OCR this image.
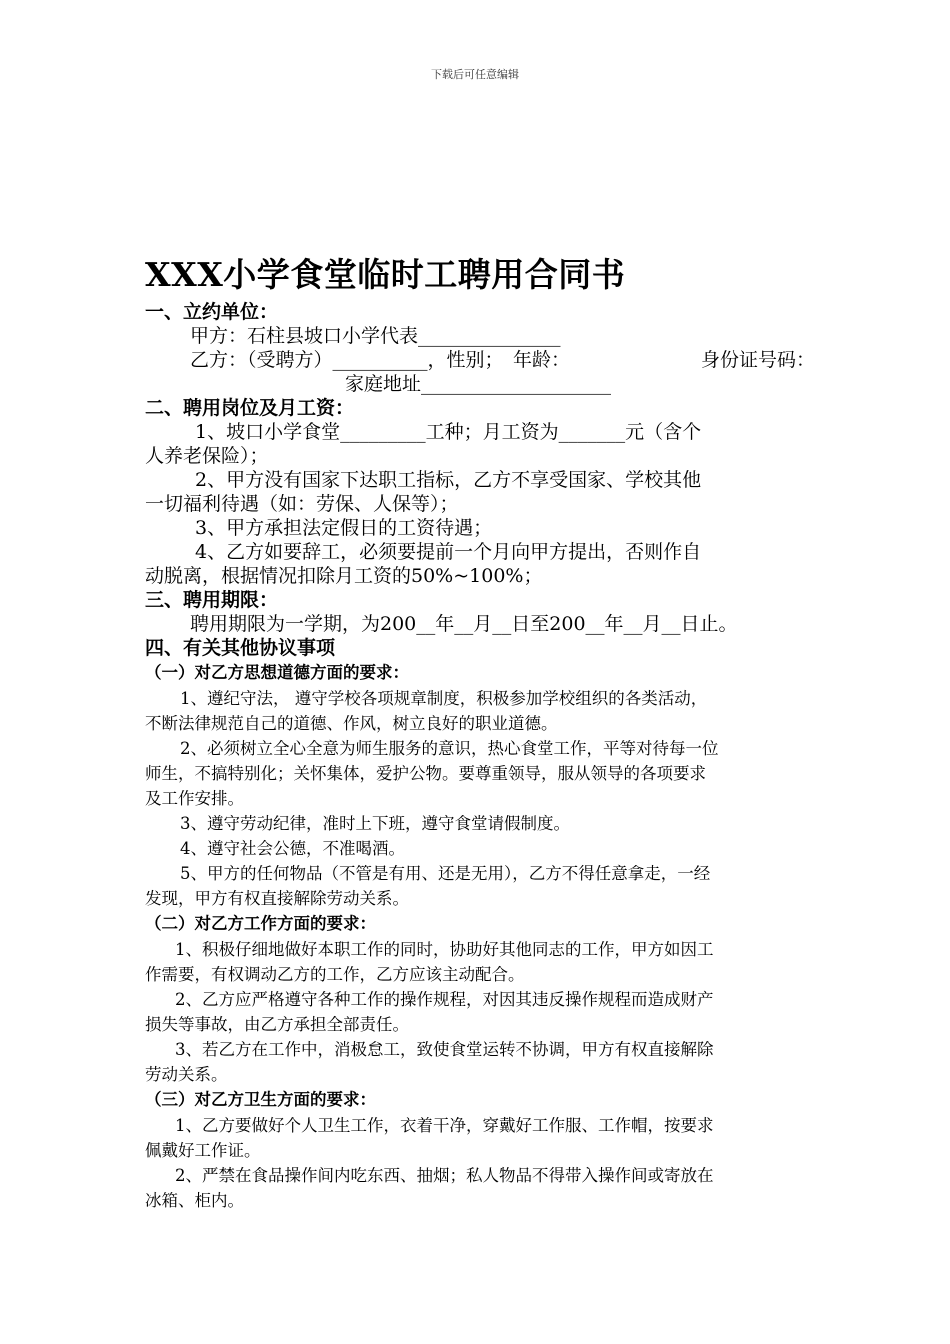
下载后可任意编辑

XXX小学食堂临时工聘用合同书

一、立约单位：

甲方：石柱县坡口小学代表_______________

乙方：（受聘方）__________，性别；　年龄：	身份证号码：

家庭地址____________________

二、聘用岗位及月工资：

1、坡口小学食堂_________工种；月工资为_______元（含个

人养老保险）；

2、甲方没有国家下达职工指标，乙方不享受国家、学校其他

一切福利待遇（如：劳保、人保等）；

3、甲方承担法定假日的工资待遇；

4、乙方如要辞工，必须要提前一个月向甲方提出，否则作自

动脱离，根据情况扣除月工资的50%~100%；

三、聘用期限：

聘用期限为一学期，为200__年__月__日至200__年__月__日止。

四、有关其他协议事项

（一）对乙方思想道德方面的要求：

1、遵纪守法， 遵守学校各项规章制度，积极参加学校组织的各类活动，

不断法律规范自己的道德、作风，树立良好的职业道德。

2、必须树立全心全意为师生服务的意识，热心食堂工作，平等对待每一位

师生，不搞特别化；关怀集体，爱护公物。要尊重领导，服从领导的各项要求

及工作安排。

3、遵守劳动纪律，准时上下班，遵守食堂请假制度。

4、遵守社会公德，不准喝酒。

5、甲方的任何物品（不管是有用、还是无用），乙方不得任意拿走，一经

发现，甲方有权直接解除劳动关系。

（二）对乙方工作方面的要求：

1、积极仔细地做好本职工作的同时，协助好其他同志的工作，甲方如因工

作需要，有权调动乙方的工作，乙方应该主动配合。

2、乙方应严格遵守各种工作的操作规程，对因其违反操作规程而造成财产

损失等事故，由乙方承担全部责任。

3、若乙方在工作中，消极怠工，致使食堂运转不协调，甲方有权直接解除

劳动关系。

（三）对乙方卫生方面的要求：

1、乙方要做好个人卫生工作，衣着干净，穿戴好工作服、工作帽，按要求

佩戴好工作证。

2、严禁在食品操作间内吃东西、抽烟；私人物品不得带入操作间或寄放在

冰箱、柜内。
